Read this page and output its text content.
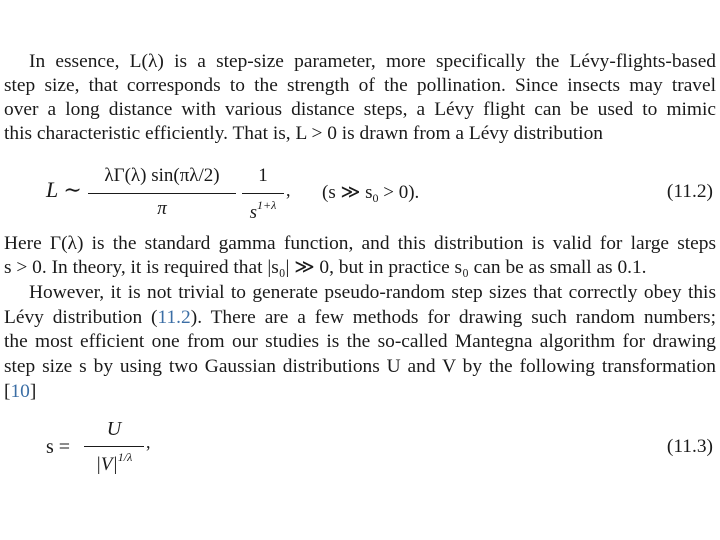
In essence, L(λ) is a step-size parameter, more specifically the Lévy-flights-based
step size, that corresponds to the strength of the pollination. Since insects may travel
over a long distance with various distance steps, a Lévy flight can be used to mimic
this characteristic efficiently. That is, L > 0 is drawn from a Lévy distribution
L ∼
λΓ(λ) sin(πλ/2)
π
1
$s^{1+\lambda}$
, (s ≫ $s_0 > 0$).	(11.2)
Here Γ(λ) is the standard gamma function, and this distribution is valid for large steps
s > 0. In theory, it is required that |s₀| ≫ 0, but in practice s₀ can be as small as 0.1.
However, it is not trivial to generate pseudo-random step sizes that correctly obey this
Lévy distribution (11.2). There are a few methods for drawing such random numbers;
the most efficient one from our studies is the so-called Mantegna algorithm for drawing
step size s by using two Gaussian distributions U and V by the following transformation
[10]
s =
U
$|V|^{1/\lambda}$
,	(11.3)
